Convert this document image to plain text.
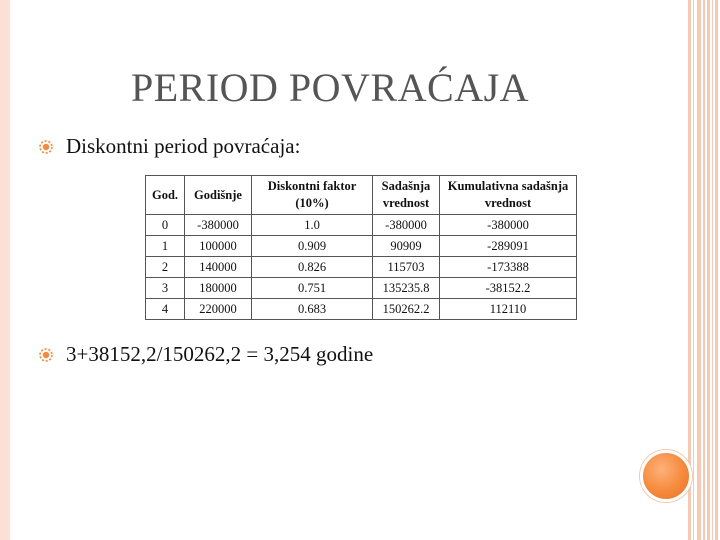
PERIOD POVRAĆAJA
Diskontni period povraćaja:
God.	Godišnje	Diskontni faktor (10%)	Sadašnja vrednost	Kumulativna sadašnja vrednost
0	-380000	1.0	-380000	-380000
1	100000	0.909	90909	-289091
2	140000	0.826	115703	-173388
3	180000	0.751	135235.8	-38152.2
4	220000	0.683	150262.2	112110
3+38152,2/150262,2 = 3,254 godine
